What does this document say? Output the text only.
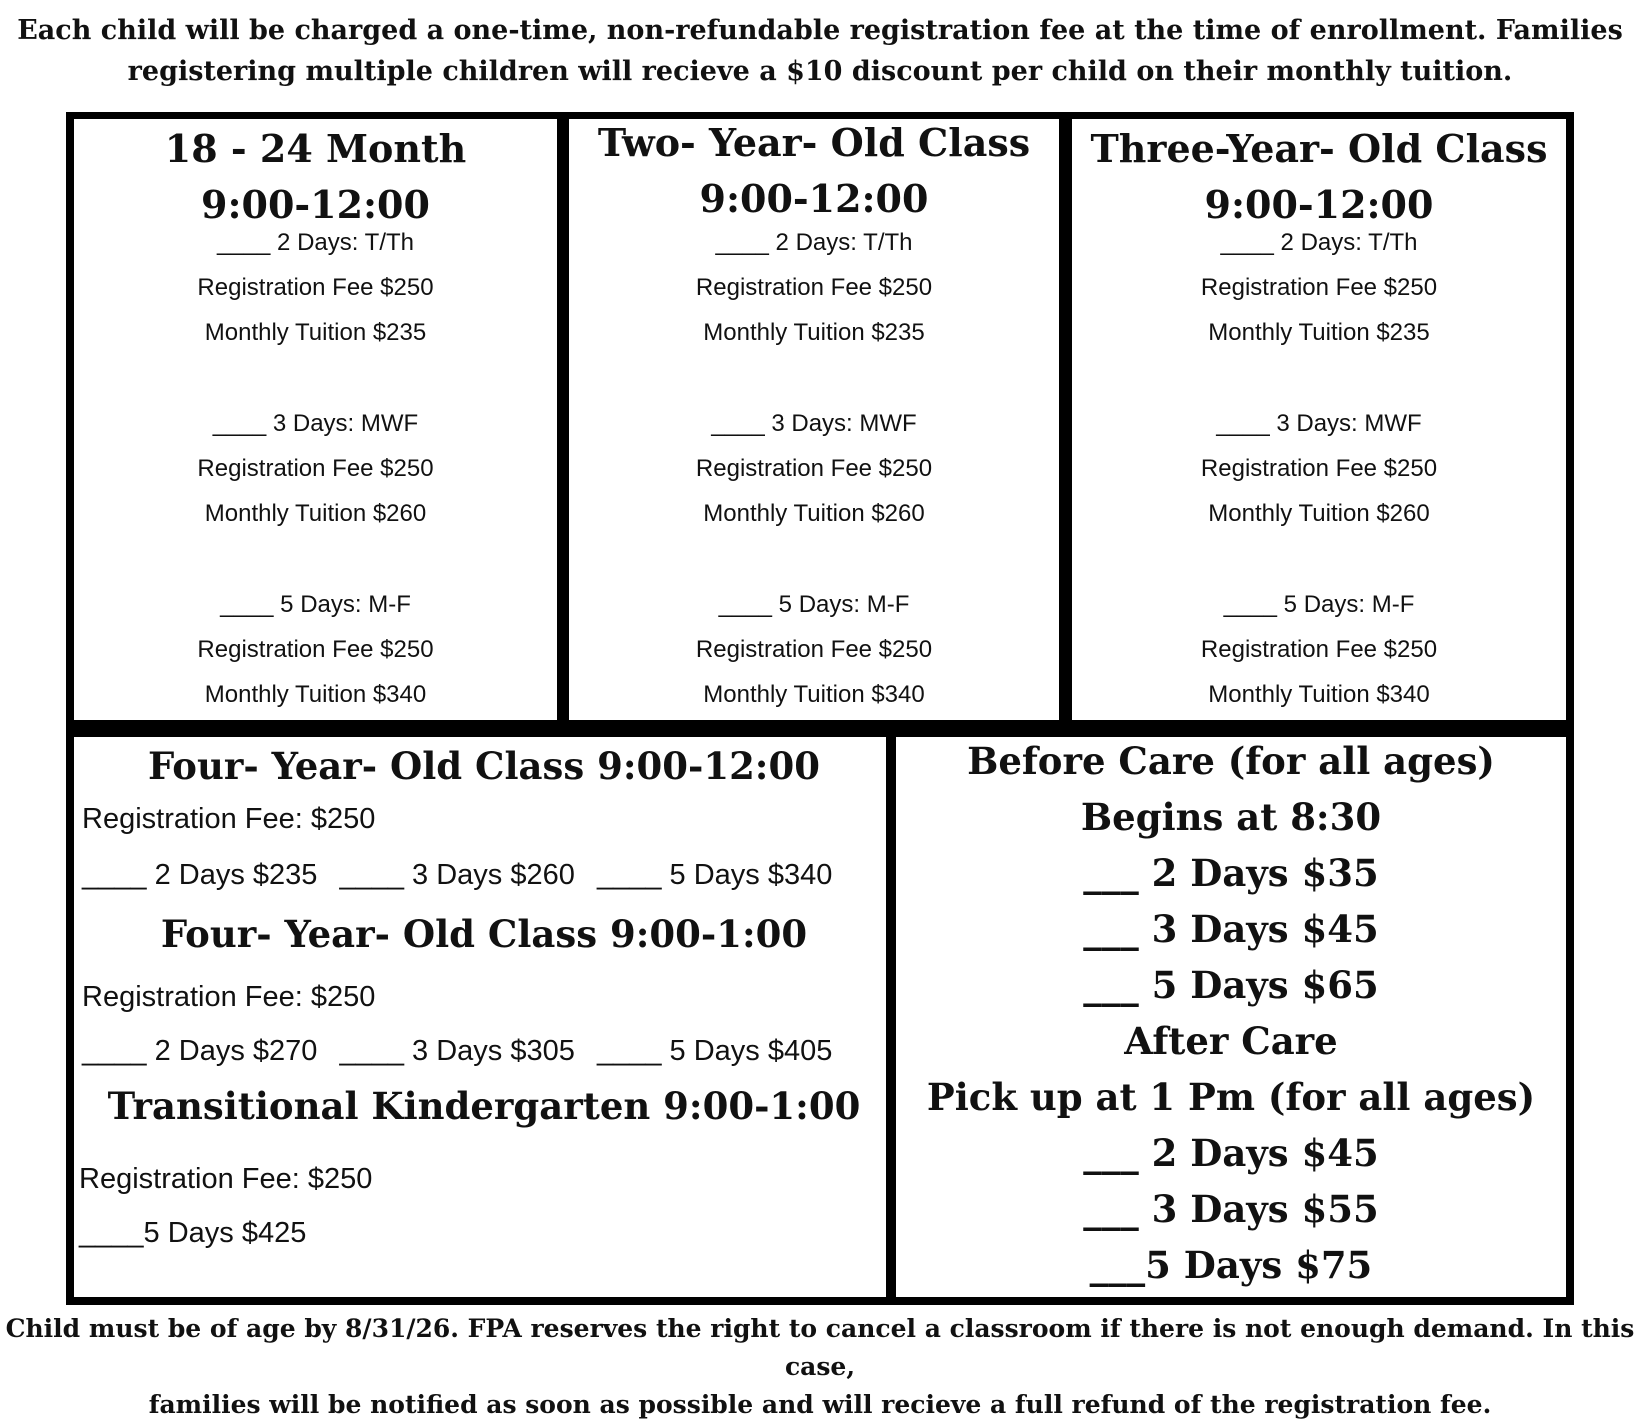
Each child will be charged a one-time, non-refundable registration fee at the time of enrollment. Families
registering multiple children will recieve a $10 discount per child on their monthly tuition.
18 - 24 Month
9:00-12:00
____ 2 Days: T/Th
Registration Fee $250
Monthly Tuition $235
____ 3 Days: MWF
Registration Fee $250
Monthly Tuition $260
____ 5 Days: M-F
Registration Fee $250
Monthly Tuition $340
Two- Year- Old Class
9:00-12:00
____ 2 Days: T/Th
Registration Fee $250
Monthly Tuition $235
____ 3 Days: MWF
Registration Fee $250
Monthly Tuition $260
____ 5 Days: M-F
Registration Fee $250
Monthly Tuition $340
Three-Year- Old Class
9:00-12:00
____ 2 Days: T/Th
Registration Fee $250
Monthly Tuition $235
____ 3 Days: MWF
Registration Fee $250
Monthly Tuition $260
____ 5 Days: M-F
Registration Fee $250
Monthly Tuition $340
Four- Year- Old Class 9:00-12:00
Registration Fee: $250
____ 2 Days $235 ____ 3 Days $260 ____ 5 Days $340
Four- Year- Old Class 9:00-1:00
Registration Fee: $250
____ 2 Days $270 ____ 3 Days $305 ____ 5 Days $405
Transitional Kindergarten 9:00-1:00
Registration Fee: $250
____5 Days $425
Before Care (for all ages)
Begins at 8:30
___ 2 Days $35
___ 3 Days $45
___ 5 Days $65
After Care
Pick up at 1 Pm (for all ages)
___ 2 Days $45
___ 3 Days $55
___5 Days $75
Child must be of age by 8/31/26. FPA reserves the right to cancel a classroom if there is not enough demand. In this case,
families will be notified as soon as possible and will recieve a full refund of the registration fee.
